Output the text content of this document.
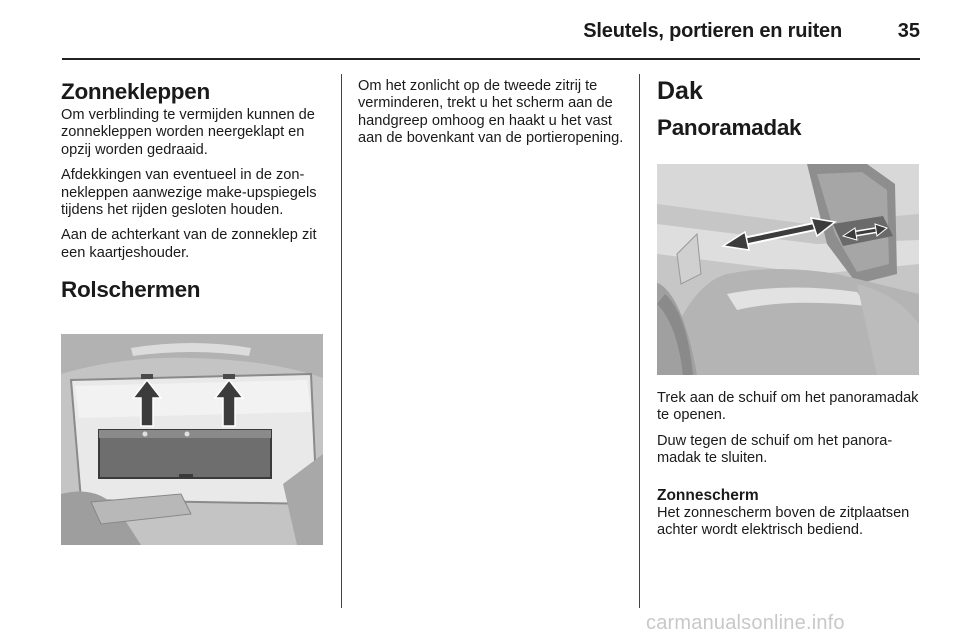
Sleutels, portieren en ruiten	35
Zonnekleppen

Om verblinding te vermijden kunnen de zonnekleppen worden neergeklapt en opzij worden gedraaid.

Afdekkingen van eventueel in de zonnekleppen aanwezige make-upspiegels tijdens het rijden gesloten houden.

Aan de achterkant van de zonneklep zit een kaartjeshouder.

Rolschermen

Om het zonlicht op de tweede zitrij te verminderen, trekt u het scherm aan de handgreep omhoog en haakt u het vast aan de bovenkant van de portieropening.

Dak
Panoramadak

Trek aan de schuif om het panoramadak te openen.

Duw tegen de schuif om het panoramadak te sluiten.

Zonnescherm

Het zonnescherm boven de zitplaatsen achter wordt elektrisch bediend.

carmanualsonline.info
